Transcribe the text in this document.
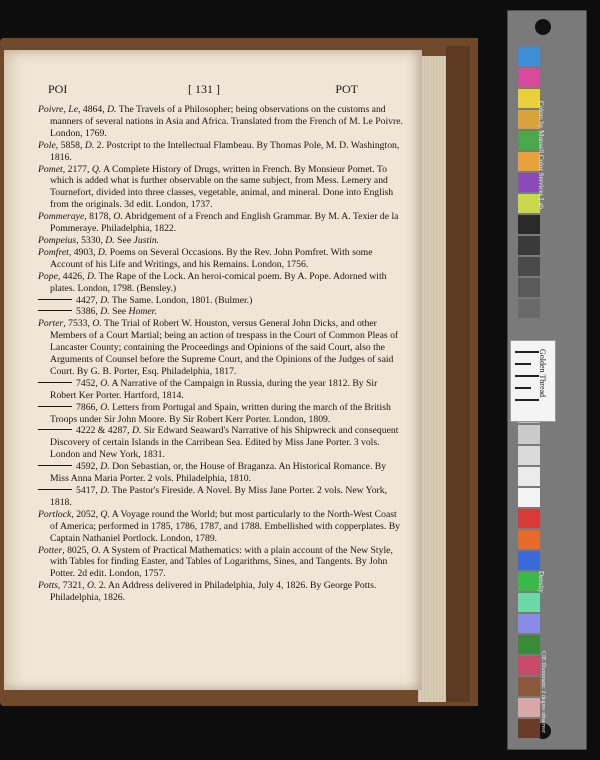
POI	[ 131 ]	POT
Poivre, Le, 4864, D. The Travels of a Philosopher; being observations on the customs and manners of several nations in Asia and Africa. Translated from the French of M. Le Poivre. London, 1769.
Pole, 5858, D. 2. Postcript to the Intellectual Flambeau. By Thomas Pole, M. D. Washington, 1816.
Pomet, 2177, Q. A Complete History of Drugs, written in French. By Monsieur Pomet. To which is added what is further observable on the same subject, from Mess. Lemery and Tournefort, divided into three classes, vegetable, animal, and mineral. Done into English from the originals. 3d edit. London, 1737.
Pommeraye, 8178, O. Abridgement of a French and English Grammar. By M. A. Texier de la Pommeraye. Philadelphia, 1822.
Pompeius, 5330, D. See Justin.
Pomfret, 4903, D. Poems on Several Occasions. By the Rev. John Pomfret. With some Account of his Life and Writings, and his Remains. London, 1756.
Pope, 4426, D. The Rape of the Lock. An heroi-comical poem. By A. Pope. Adorned with plates. London, 1798. (Bensley.)
4427, D. The Same. London, 1801. (Bulmer.)
5386, D. See Homer.
Porter, 7533, O. The Trial of Robert W. Houston, versus General John Dicks, and other Members of a Court Martial; being an action of trespass in the Court of Common Pleas of Lancaster County; containing the Proceedings and Opinions of the said Court, also the Arguments of Counsel before the Supreme Court, and the Opinions of the Judges of said Court. By G. B. Porter, Esq. Philadelphia, 1817.
7452, O. A Narrative of the Campaign in Russia, during the year 1812. By Sir Robert Ker Porter. Hartford, 1814.
7866, O. Letters from Portugal and Spain, written during the march of the British Troops under Sir John Moore. By Sir Robert Kerr Porter. London, 1809.
4222 & 4287, D. Sir Edward Seaward's Narrative of his Shipwreck and consequent Discovery of certain Islands in the Carribean Sea. Edited by Miss Jane Porter. 3 vols. London and New York, 1831.
4592, D. Don Sebastian, or, the House of Braganza. An Historical Romance. By Miss Anna Maria Porter. 2 vols. Philadelphia, 1810.
5417, D. The Pastor's Fireside. A Novel. By Miss Jane Porter. 2 vols. New York, 1818.
Portlock, 2052, Q. A Voyage round the World; but most particularly to the North-West Coast of America; performed in 1785, 1786, 1787, and 1788. Embellished with copperplates. By Captain Nathaniel Portlock. London, 1789.
Potter, 8025, O. A System of Practical Mathematics: with a plain account of the New Style, with Tables for finding Easter, and Tables of Logarithms, Sines, and Tangents. By John Potter. 2d edit. London, 1757.
Potts, 7321, O. 2. An Address delivered in Philadelphia, July 4, 1826. By George Potts. Philadelphia, 1826.
Colors by Munsell Color Services Lab
Density
CIE Illuminant: 2 degree observer
Golden Thread
